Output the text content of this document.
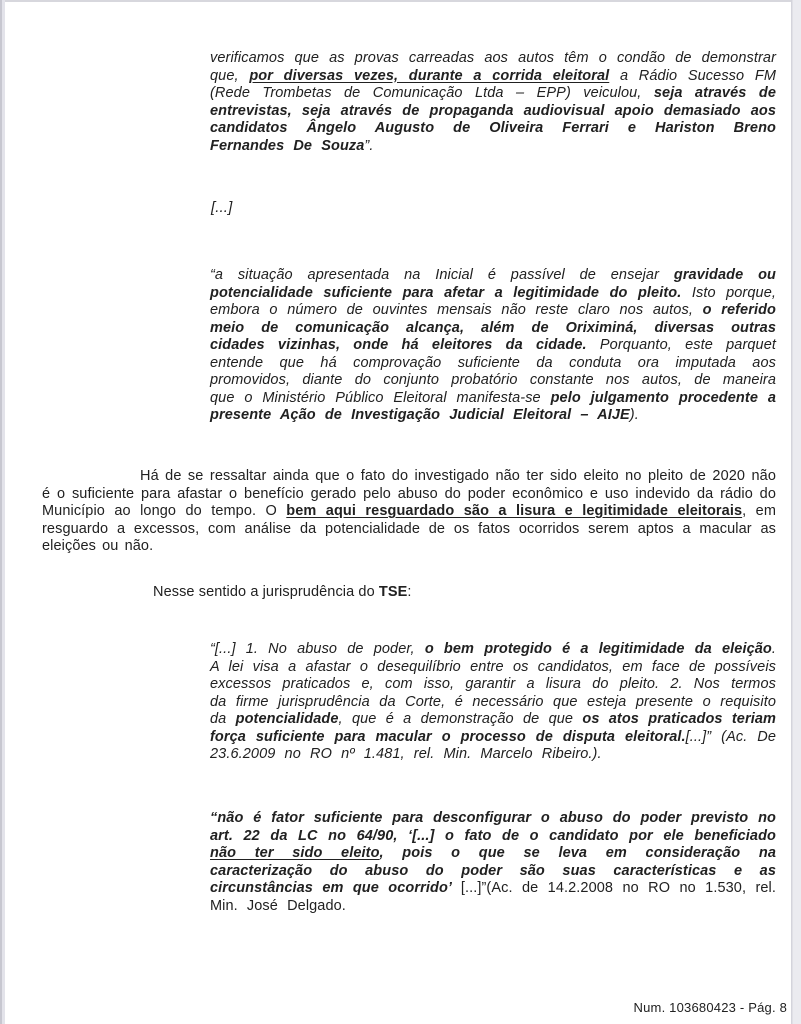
verificamos que as provas carreadas aos autos têm o condão de demonstrar que, por diversas vezes, durante a corrida eleitoral a Rádio Sucesso FM (Rede Trombetas de Comunicação Ltda – EPP) veiculou, seja através de entrevistas, seja através de propaganda audiovisual apoio demasiado aos candidatos Ângelo Augusto de Oliveira Ferrari e Hariston Breno Fernandes De Souza”.

[...]

“a situação apresentada na Inicial é passível de ensejar gravidade ou potencialidade suficiente para afetar a legitimidade do pleito. Isto porque, embora o número de ouvintes mensais não reste claro nos autos, o referido meio de comunicação alcança, além de Oriximiná, diversas outras cidades vizinhas, onde há eleitores da cidade. Porquanto, este parquet entende que há comprovação suficiente da conduta ora imputada aos promovidos, diante do conjunto probatório constante nos autos, de maneira que o Ministério Público Eleitoral manifesta-se pelo julgamento procedente a presente Ação de Investigação Judicial Eleitoral – AIJE).

Há de se ressaltar ainda que o fato do investigado não ter sido eleito no pleito de 2020 não é o suficiente para afastar o benefício gerado pelo abuso do poder econômico e uso indevido da rádio do Município ao longo do tempo. O bem aqui resguardado são a lisura e legitimidade eleitorais, em resguardo a excessos, com análise da potencialidade de os fatos ocorridos serem aptos a macular as eleições ou não.

Nesse sentido a jurisprudência do TSE:

“[...] 1. No abuso de poder, o bem protegido é a legitimidade da eleição. A lei visa a afastar o desequilíbrio entre os candidatos, em face de possíveis excessos praticados e, com isso, garantir a lisura do pleito. 2. Nos termos da firme jurisprudência da Corte, é necessário que esteja presente o requisito da potencialidade, que é a demonstração de que os atos praticados teriam força suficiente para macular o processo de disputa eleitoral.[...]” (Ac. De 23.6.2009 no RO nº 1.481, rel. Min. Marcelo Ribeiro.).

“não é fator suficiente para desconfigurar o abuso do poder previsto no art. 22 da LC no 64/90, ‘[...] o fato de o candidato por ele beneficiado não ter sido eleito, pois o que se leva em consideração na caracterização do abuso do poder são suas características e as circunstâncias em que ocorrido’ [...]”(Ac. de 14.2.2008 no RO no 1.530, rel. Min. José Delgado.

Num. 103680423 - Pág. 8
